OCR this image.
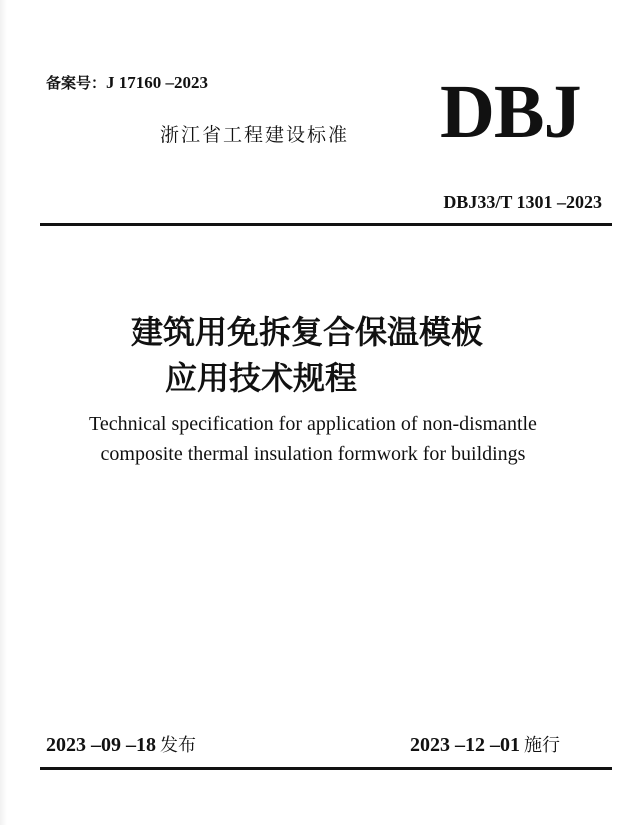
备案号：J 17160 –2023
浙江省工程建设标准 DBJ
DBJ33/T 1301 –2023
建筑用免拆复合保温模板
应用技术规程
Technical specification for application of non-dismantle
composite thermal insulation formwork for buildings
2023 –09 –18 发布	2023 –12 –01 施行
